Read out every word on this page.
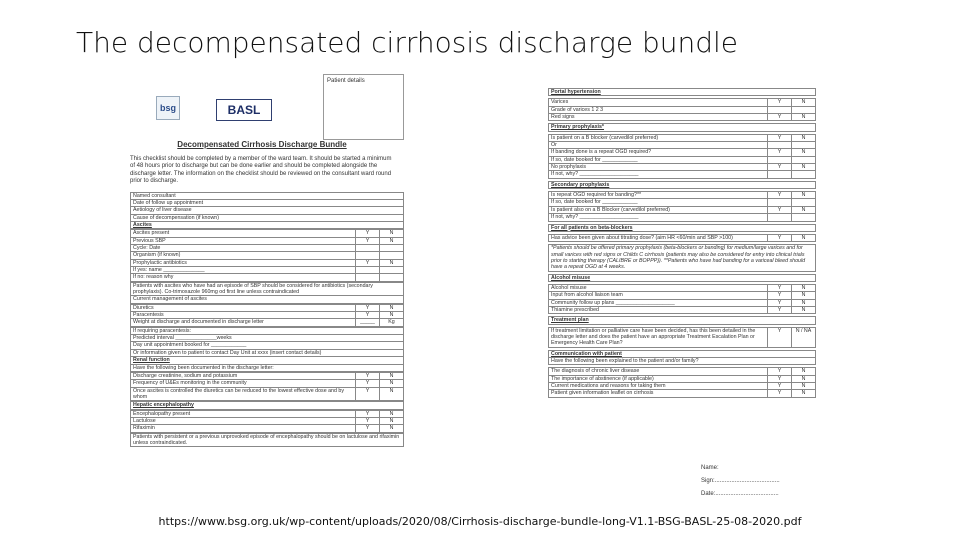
The decompensated cirrhosis discharge bundle
bsg	BASL
Patient details
Decompensated Cirrhosis Discharge Bundle
This checklist should be completed by a member of the ward team. It should be started a minimum of 48 hours prior to discharge but can be done earlier and should be completed alongside the discharge letter. The information on the checklist should be reviewed on the consultant ward round prior to discharge.
Named consultant
Date of follow up appointment
Aetiology of liver disease
Cause of decompensation (if known)
Ascites
Ascites present	Y	N
Previous SBP	Y	N
Cycle: Date		
Organism (if known)		
Prophylactic antibiotics	Y	N
If yes: name ______________		
If no: reason why		
Patients with ascites who have had an episode of SBP should be considered for antibiotics (secondary prophylaxis). Co-trimoxazole 960mg od first line unless contraindicated
Current management of ascites
Diuretics	Y	N
Paracentesis	Y	N
Weight at discharge and documented in discharge letter	_____	Kg
If requiring paracentesis:
Predicted interval ______________weeks
Day unit appointment booked for ____________
Or information given to patient to contact Day Unit at xxxx (insert contact details)
Renal function
Have the following been documented in the discharge letter:
Discharge creatinine, sodium and potassium	Y	N
Frequency of U&Es monitoring in the community	Y	N
Once ascites is controlled the diuretics can be reduced to the lowest effective dose and by whom	Y	N
Hepatic encephalopathy
Encephalopathy present	Y	N
Lactulose	Y	N
Rifaximin	Y	N
Patients with persistent or a previous unprovoked episode of encephalopathy should be on lactulose and rifaximin unless contraindicated.
Portal hypertension
Varices	Y	N
Grade of varices 1 2 3		
Red signs	Y	N
Primary prophylaxis*
Is patient on a B blocker (carvedilol preferred)	Y	N
Or		
If banding done is a repeat OGD required?	Y	N
If so, date booked for ____________		
No prophylaxis	Y	N
If not, why? ____________________		
Secondary prophylaxis
Is repeat OGD required for banding?**	Y	N
If so, date booked for ____________		
Is patient also on a B Blocker (carvedilol preferred)	Y	N
If not, why? ____________________		
For all patients on beta-blockers
Has advice been given about titrating dose? (aim HR <60/min and SBP >100)	Y	N
*Patients should be offered primary prophylaxis (beta-blockers or banding) for medium/large varices and for small varices with red signs or Childs C cirrhosis (patients may also be considered for entry into clinical trials prior to starting therapy (CALIBRE or BOPPP)). **Patients who have had banding for a variceal bleed should have a repeat OGD at 4 weeks.
Alcohol misuse
Alcohol misuse	Y	N
Input from alcohol liaison team	Y	N
Community follow up plans ____________________	Y	N
Thiamine prescribed	Y	N
Treatment plan
If treatment limitation or palliative care have been decided, has this been detailed in the discharge letter and does the patient have an appropriate Treatment Escalation Plan or Emergency Health Care Plan?	Y	N / NA
Communication with patient
Have the following been explained to the patient and/or family?
The diagnosis of chronic liver disease	Y	N
The importance of abstinence (if applicable)	Y	N
Current medications and reasons for taking them	Y	N
Patient given information leaflet on cirrhosis	Y	N
Name:
Sign:.......................................
Date:......................................
https://www.bsg.org.uk/wp-content/uploads/2020/08/Cirrhosis-discharge-bundle-long-V1.1-BSG-BASL-25-08-2020.pdf
